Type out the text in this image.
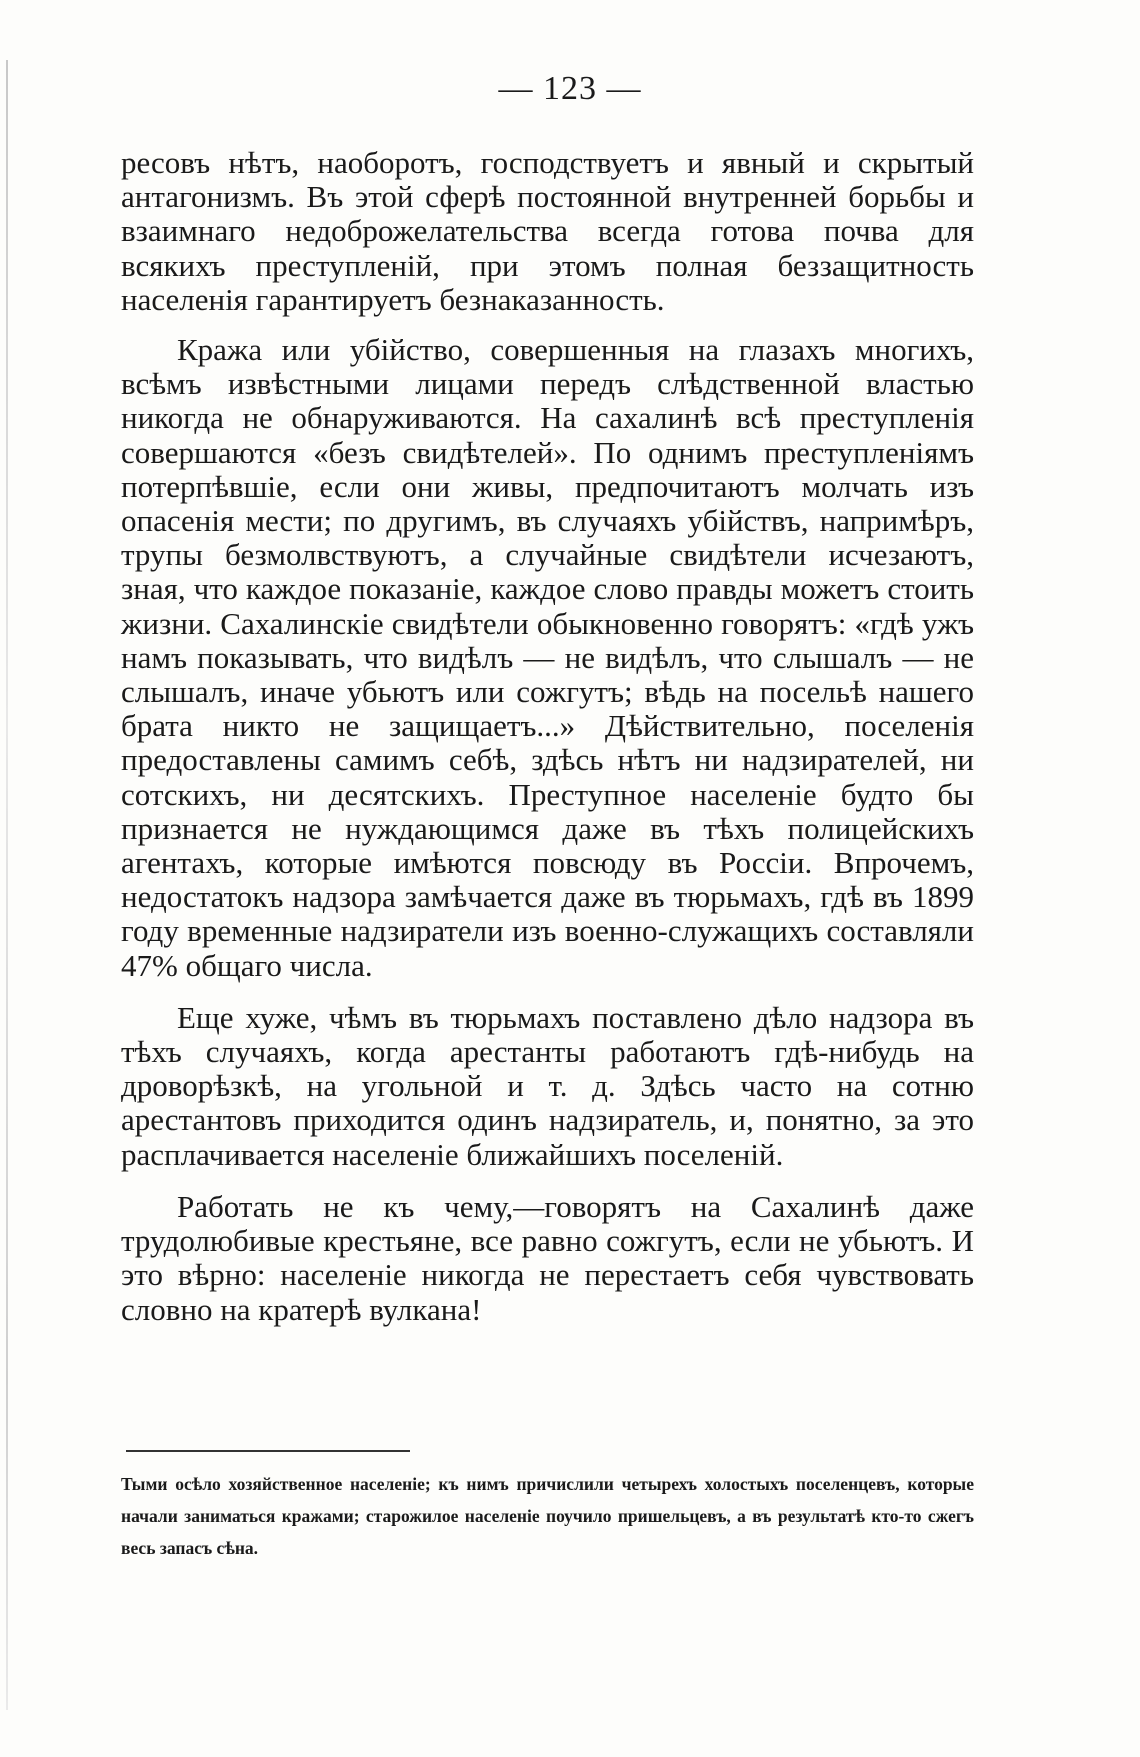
— 123 —

ресовъ нѣтъ, наоборотъ, господствуетъ и явный и скрытый антагонизмъ. Въ этой сферѣ постоянной внутренней борьбы и взаимнаго недоброжелательства всегда готова почва для всякихъ преступленій, при этомъ полная беззащитность населенія гарантируетъ безнаказанность.

Кража или убійство, совершенныя на глазахъ многихъ, всѣмъ извѣстными лицами передъ слѣдственной властью никогда не обнаруживаются. На сахалинѣ всѣ преступленія совершаются «безъ свидѣтелей». По однимъ преступленіямъ потерпѣвшіе, если они живы, предпочитаютъ молчать изъ опасенія мести; по другимъ, въ случаяхъ убійствъ, напримѣръ, трупы безмолвствуютъ, а случайные свидѣтели исчезаютъ, зная, что каждое показаніе, каждое слово правды можетъ стоить жизни. Сахалинскіе свидѣтели обыкновенно говорятъ: «гдѣ ужъ намъ показывать, что видѣлъ — не видѣлъ, что слышалъ — не слышалъ, иначе убьютъ или сожгутъ; вѣдь на посельѣ нашего брата никто не защищаетъ...» Дѣйствительно, поселенія предоставлены самимъ себѣ, здѣсь нѣтъ ни надзирателей, ни сотскихъ, ни десятскихъ. Преступное населеніе будто бы признается не нуждающимся даже въ тѣхъ полицейскихъ агентахъ, которые имѣются повсюду въ Россіи. Впрочемъ, недостатокъ надзора замѣчается даже въ тюрьмахъ, гдѣ въ 1899 году временные надзиратели изъ военно-служащихъ составляли 47% общаго числа.

Еще хуже, чѣмъ въ тюрьмахъ поставлено дѣло надзора въ тѣхъ случаяхъ, когда арестанты работаютъ гдѣ-нибудь на дроворѣзкѣ, на угольной и т. д. Здѣсь часто на сотню арестантовъ приходится одинъ надзиратель, и, понятно, за это расплачивается населеніе ближайшихъ поселеній.

Работать не къ чему,—говорятъ на Сахалинѣ даже трудолюбивые крестьяне, все равно сожгутъ, если не убьютъ. И это вѣрно: населеніе никогда не перестаетъ себя чувствовать словно на кратерѣ вулкана!

Тыми осѣло хозяйственное населеніе; къ нимъ причислили четырехъ холостыхъ поселенцевъ, которые начали заниматься кражами; старожилое населеніе поучило пришельцевъ, а въ результатѣ кто-то сжегъ весь запасъ сѣна.
